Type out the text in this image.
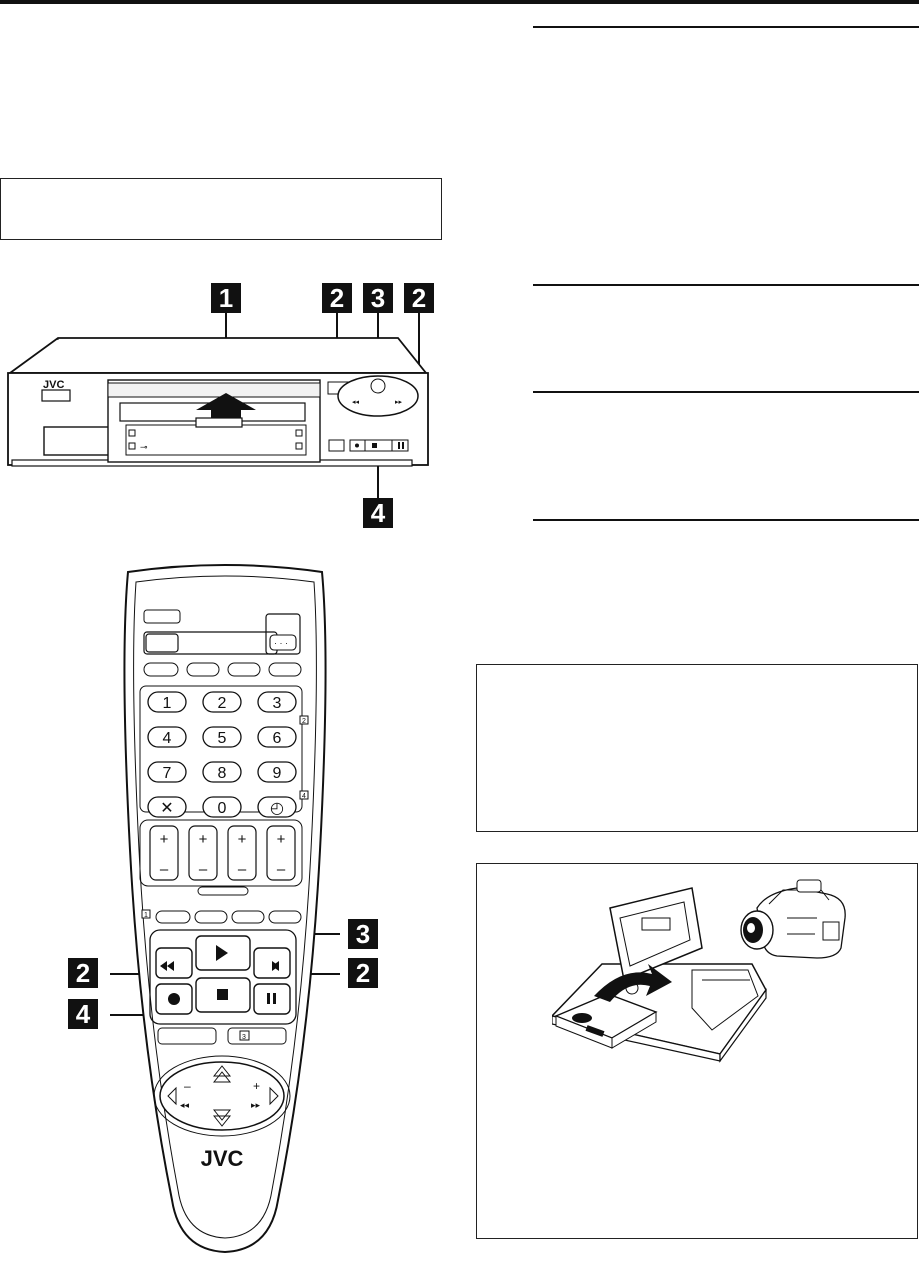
1	2 3 2
4
JVC
⊸
◂◂	▸▸
3
2	2
4
· · ·
2
4
1	2	3
4	5	6
7	8	9
✕	0	◴
+
–
+
–
+
–
+
–
1
3
–	+
◂◂	▸▸
JVC
